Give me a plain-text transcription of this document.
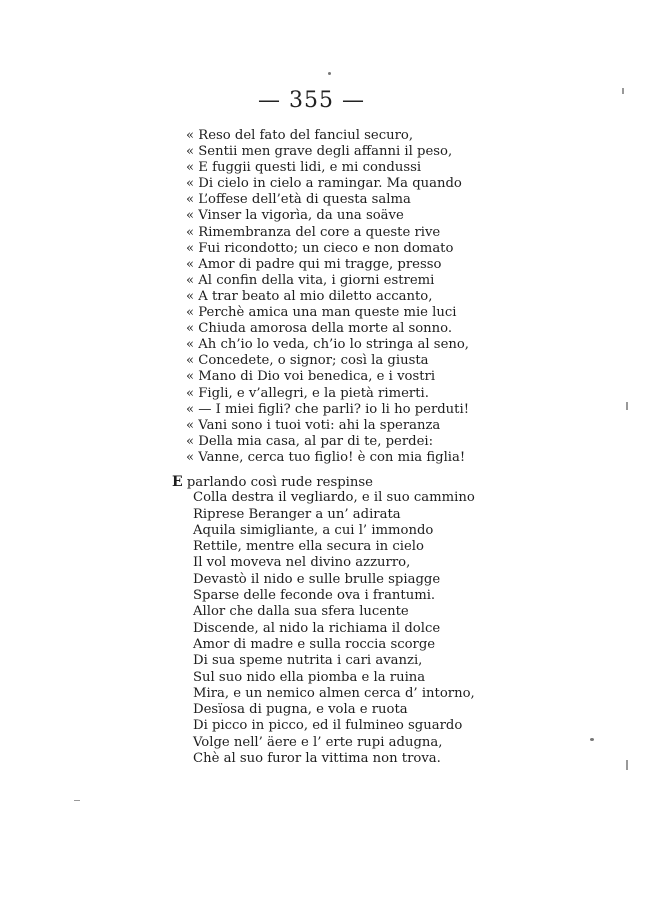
— 355 —
« Reso del fato del fanciul securo,
« Sentii men grave degli affanni il peso,
« E fuggii questi lidi, e mi condussi
« Di cielo in cielo a ramingar. Ma quando
« L’offese dell’età di questa salma
« Vinser la vigorìa, da una soäve
« Rimembranza del core a queste rive
« Fui ricondotto; un cieco e non domato
« Amor di padre qui mi tragge, presso
« Al confin della vita, i giorni estremi
« A trar beato al mio diletto accanto,
« Perchè amica una man queste mie luci
« Chiuda amorosa della morte al sonno.
« Ah ch’io lo veda, ch’io lo stringa al seno,
« Concedete, o signor; così la giusta
« Mano di Dio voi benedica, e i vostri
« Figli, e v’allegri, e la pietà rimerti.
« — I miei figli? che parli? io li ho perduti!
« Vani sono i tuoi voti: ahi la speranza
« Della mia casa, al par di te, perdei:
« Vanne, cerca tuo figlio! è con mia figlia!
E parlando così rude respinse
Colla destra il vegliardo, e il suo cammino
Riprese Beranger a un’ adirata
Aquila simigliante, a cui l’ immondo
Rettile, mentre ella secura in cielo
Il vol moveva nel divino azzurro,
Devastò il nido e sulle brulle spiagge
Sparse delle feconde ova i frantumi.
Allor che dalla sua sfera lucente
Discende, al nido la richiama il dolce
Amor di madre e sulla roccia scorge
Di sua speme nutrita i cari avanzi,
Sul suo nido ella piomba e la ruina
Mira, e un nemico almen cerca d’ intorno,
Desïosa di pugna, e vola e ruota
Di picco in picco, ed il fulmineo sguardo
Volge nell’ äere e l’ erte rupi adugna,
Chè al suo furor la vittima non trova.
